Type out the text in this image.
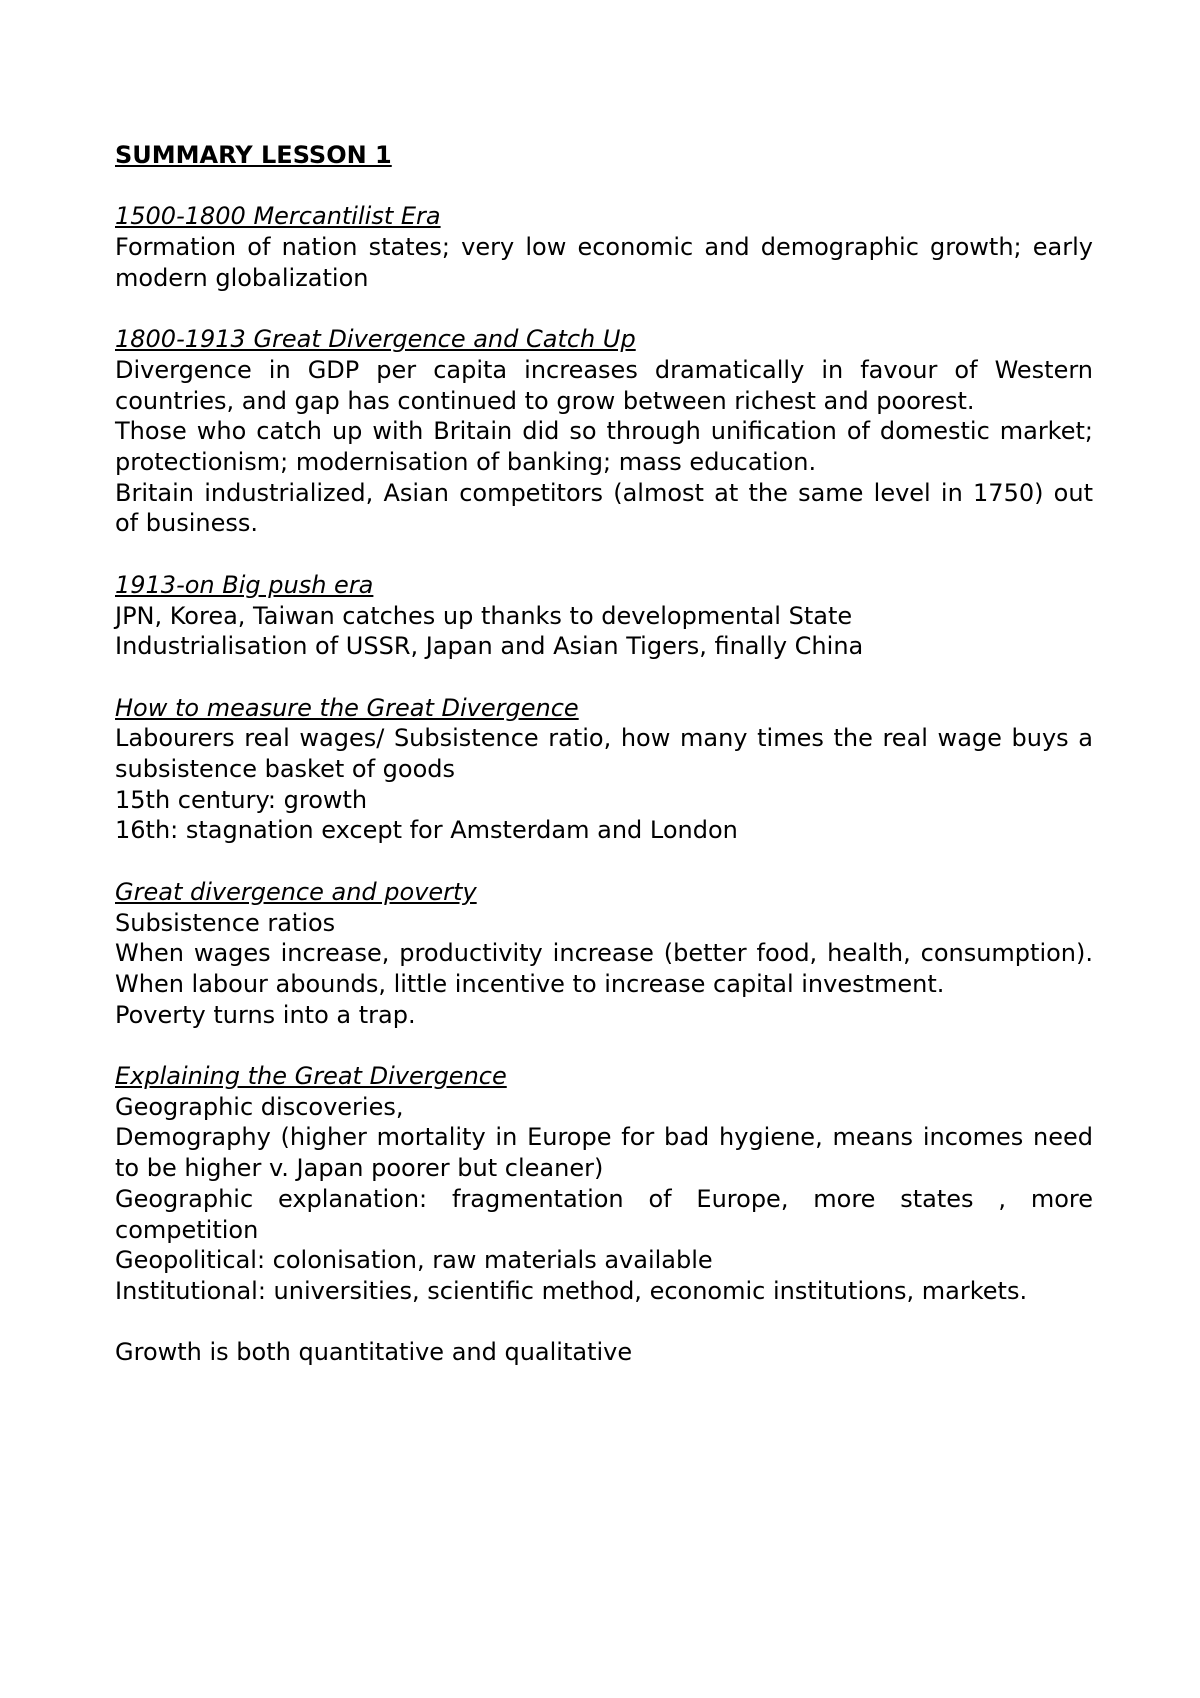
SUMMARY LESSON 1
1500-1800 Mercantilist Era
Formation of nation states; very low economic and demographic growth; early modern globalization
1800-1913 Great Divergence and Catch Up
Divergence in GDP per capita increases dramatically in favour of Western countries, and gap has continued to grow between richest and poorest.
Those who catch up with Britain did so through unification of domestic market; protectionism; modernisation of banking; mass education.
Britain industrialized, Asian competitors (almost at the same level in 1750) out of business.
1913-on Big push era
JPN, Korea, Taiwan catches up thanks to developmental State
Industrialisation of USSR, Japan and Asian Tigers, finally China
How to measure the Great Divergence
Labourers real wages/ Subsistence ratio, how many times the real wage buys a subsistence basket of goods
15th century: growth
16th: stagnation except for Amsterdam and London
Great divergence and poverty
Subsistence ratios
When wages increase, productivity increase (better food, health, consumption). When labour abounds, little incentive to increase capital investment.
Poverty turns into a trap.
Explaining the Great Divergence
Geographic discoveries,
Demography (higher mortality in Europe for bad hygiene, means incomes need to be higher v. Japan poorer but cleaner)
Geographic explanation: fragmentation of Europe, more states , more competition
Geopolitical: colonisation, raw materials available
Institutional: universities, scientific method, economic institutions, markets.
Growth is both quantitative and qualitative
